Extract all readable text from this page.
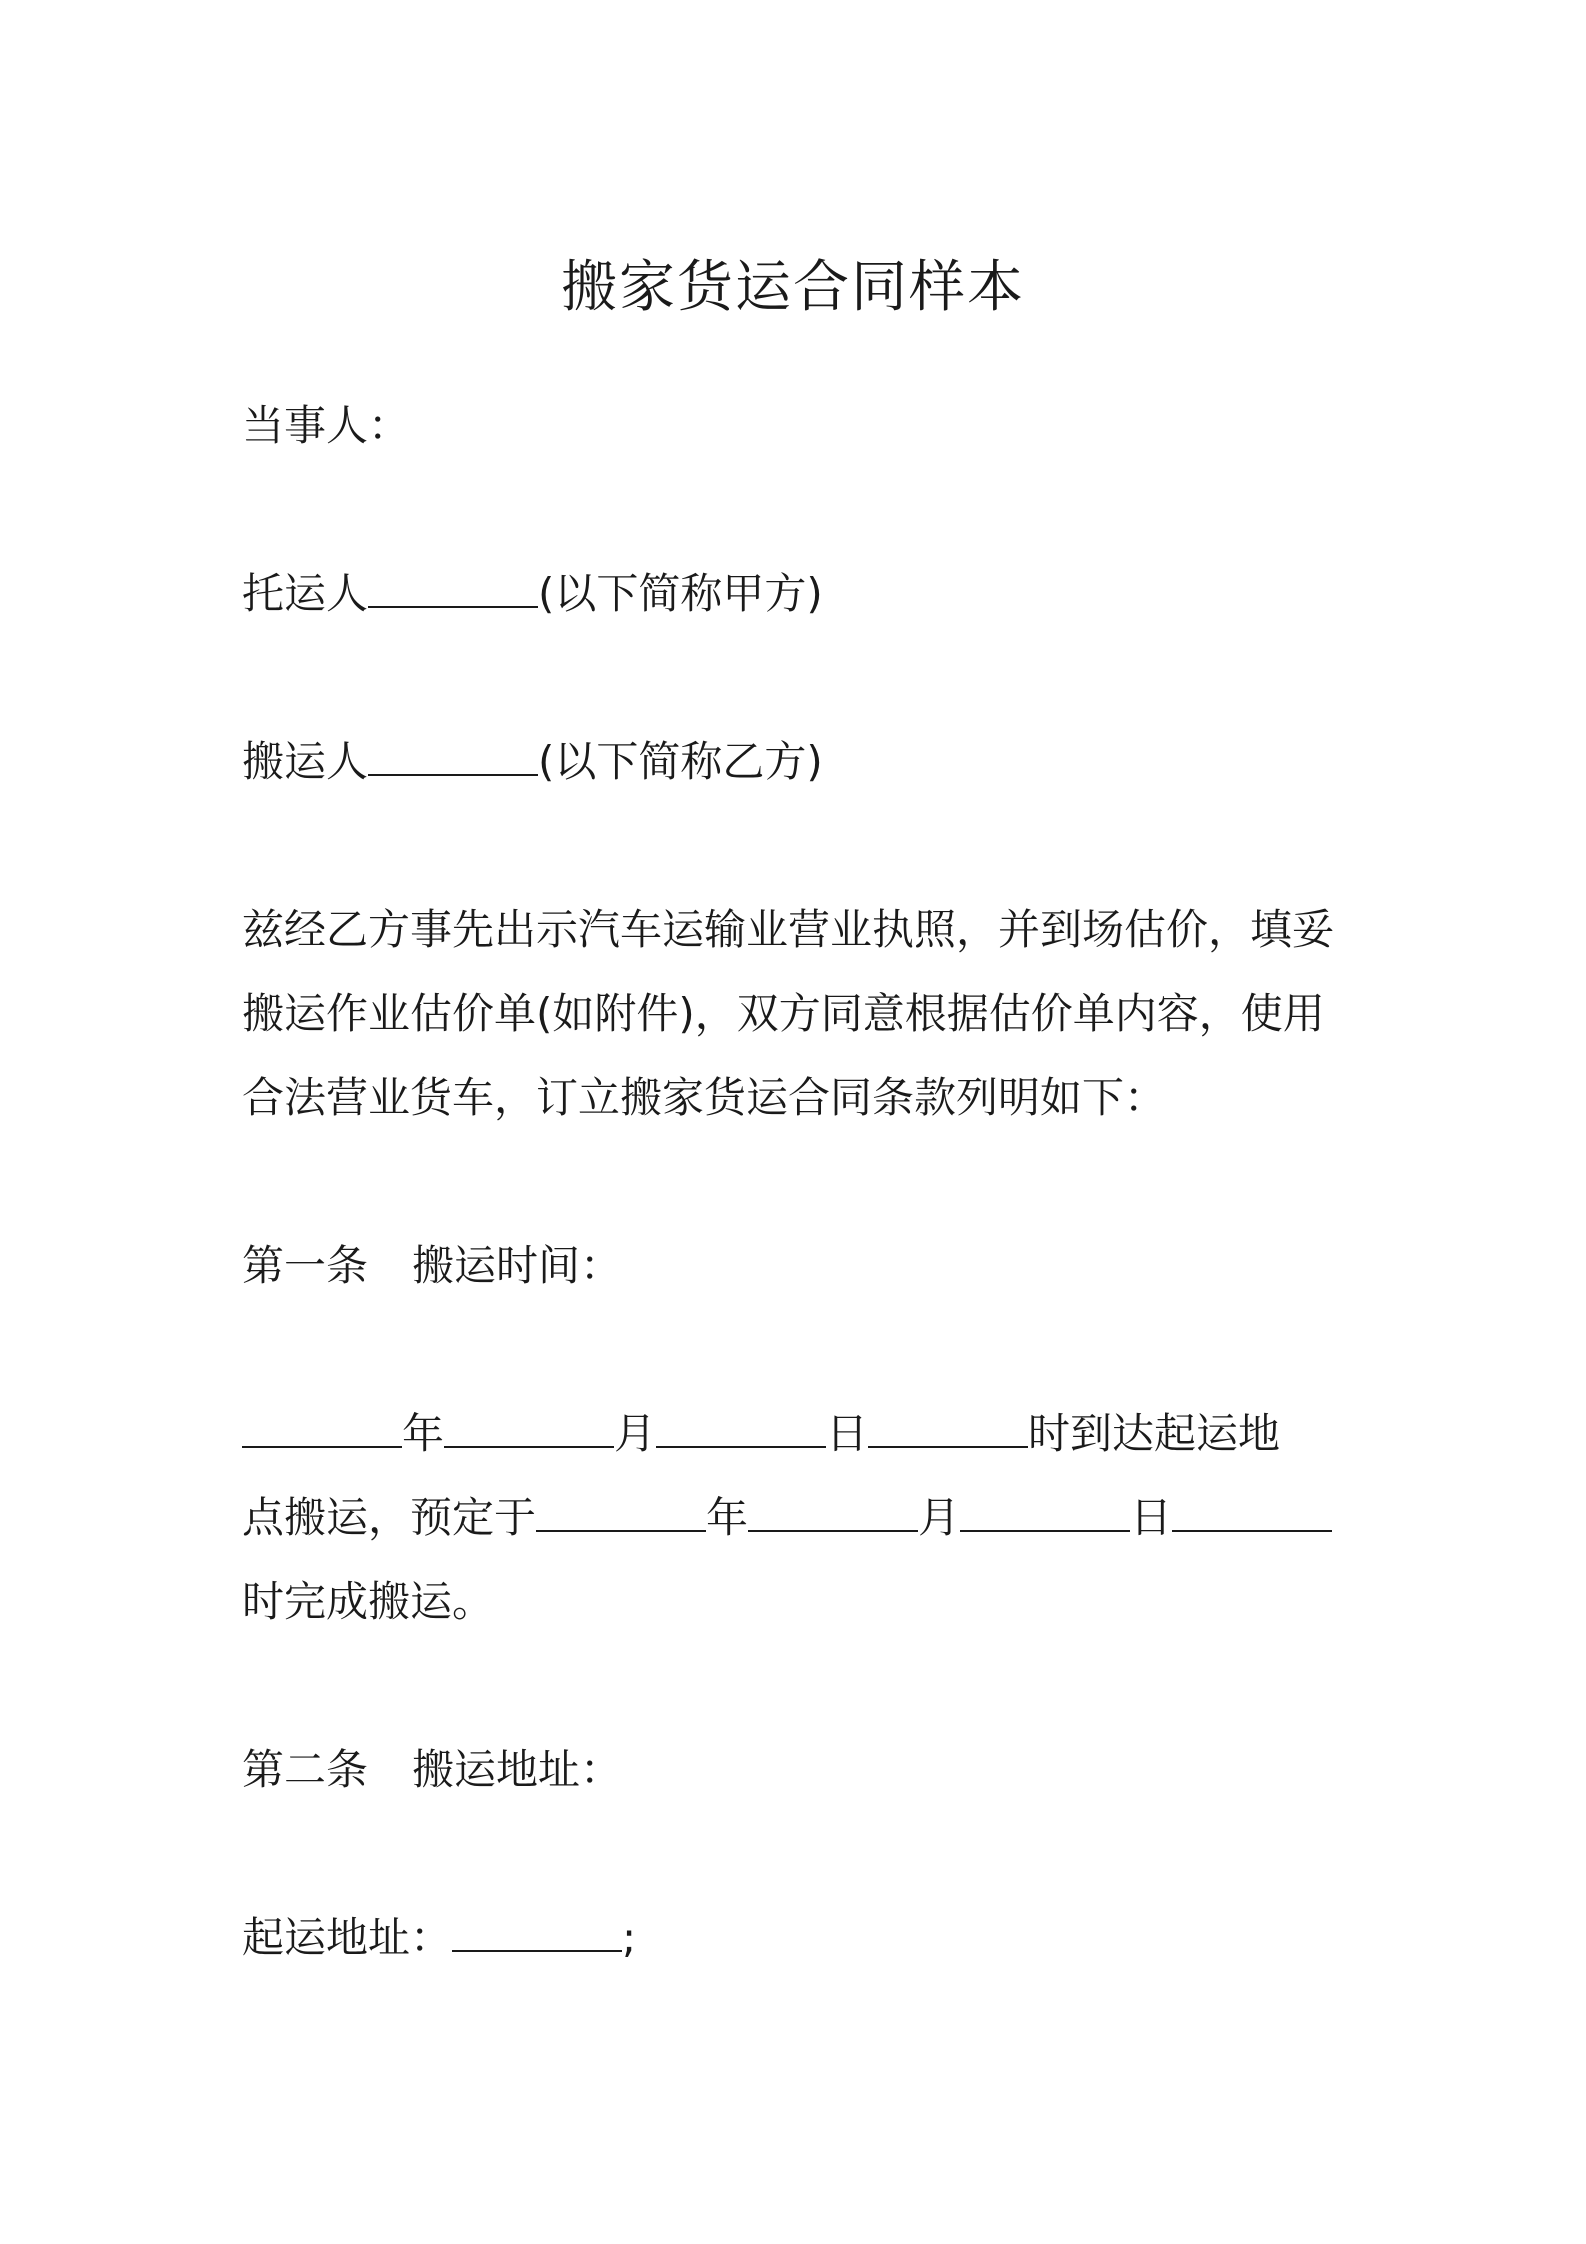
搬家货运合同样本
当事人：
托运人	(以下简称甲方)
搬运人	(以下简称乙方)
兹经乙方事先出示汽车运输业营业执照，并到场估价，填妥
搬运作业估价单(如附件)，双方同意根据估价单内容，使用
合法营业货车，订立搬家货运合同条款列明如下：
第一条 搬运时间：
年	月	日	时到达起运地
点搬运，预定于	年	月	日
时完成搬运。
第二条 搬运地址：
起运地址：	;
